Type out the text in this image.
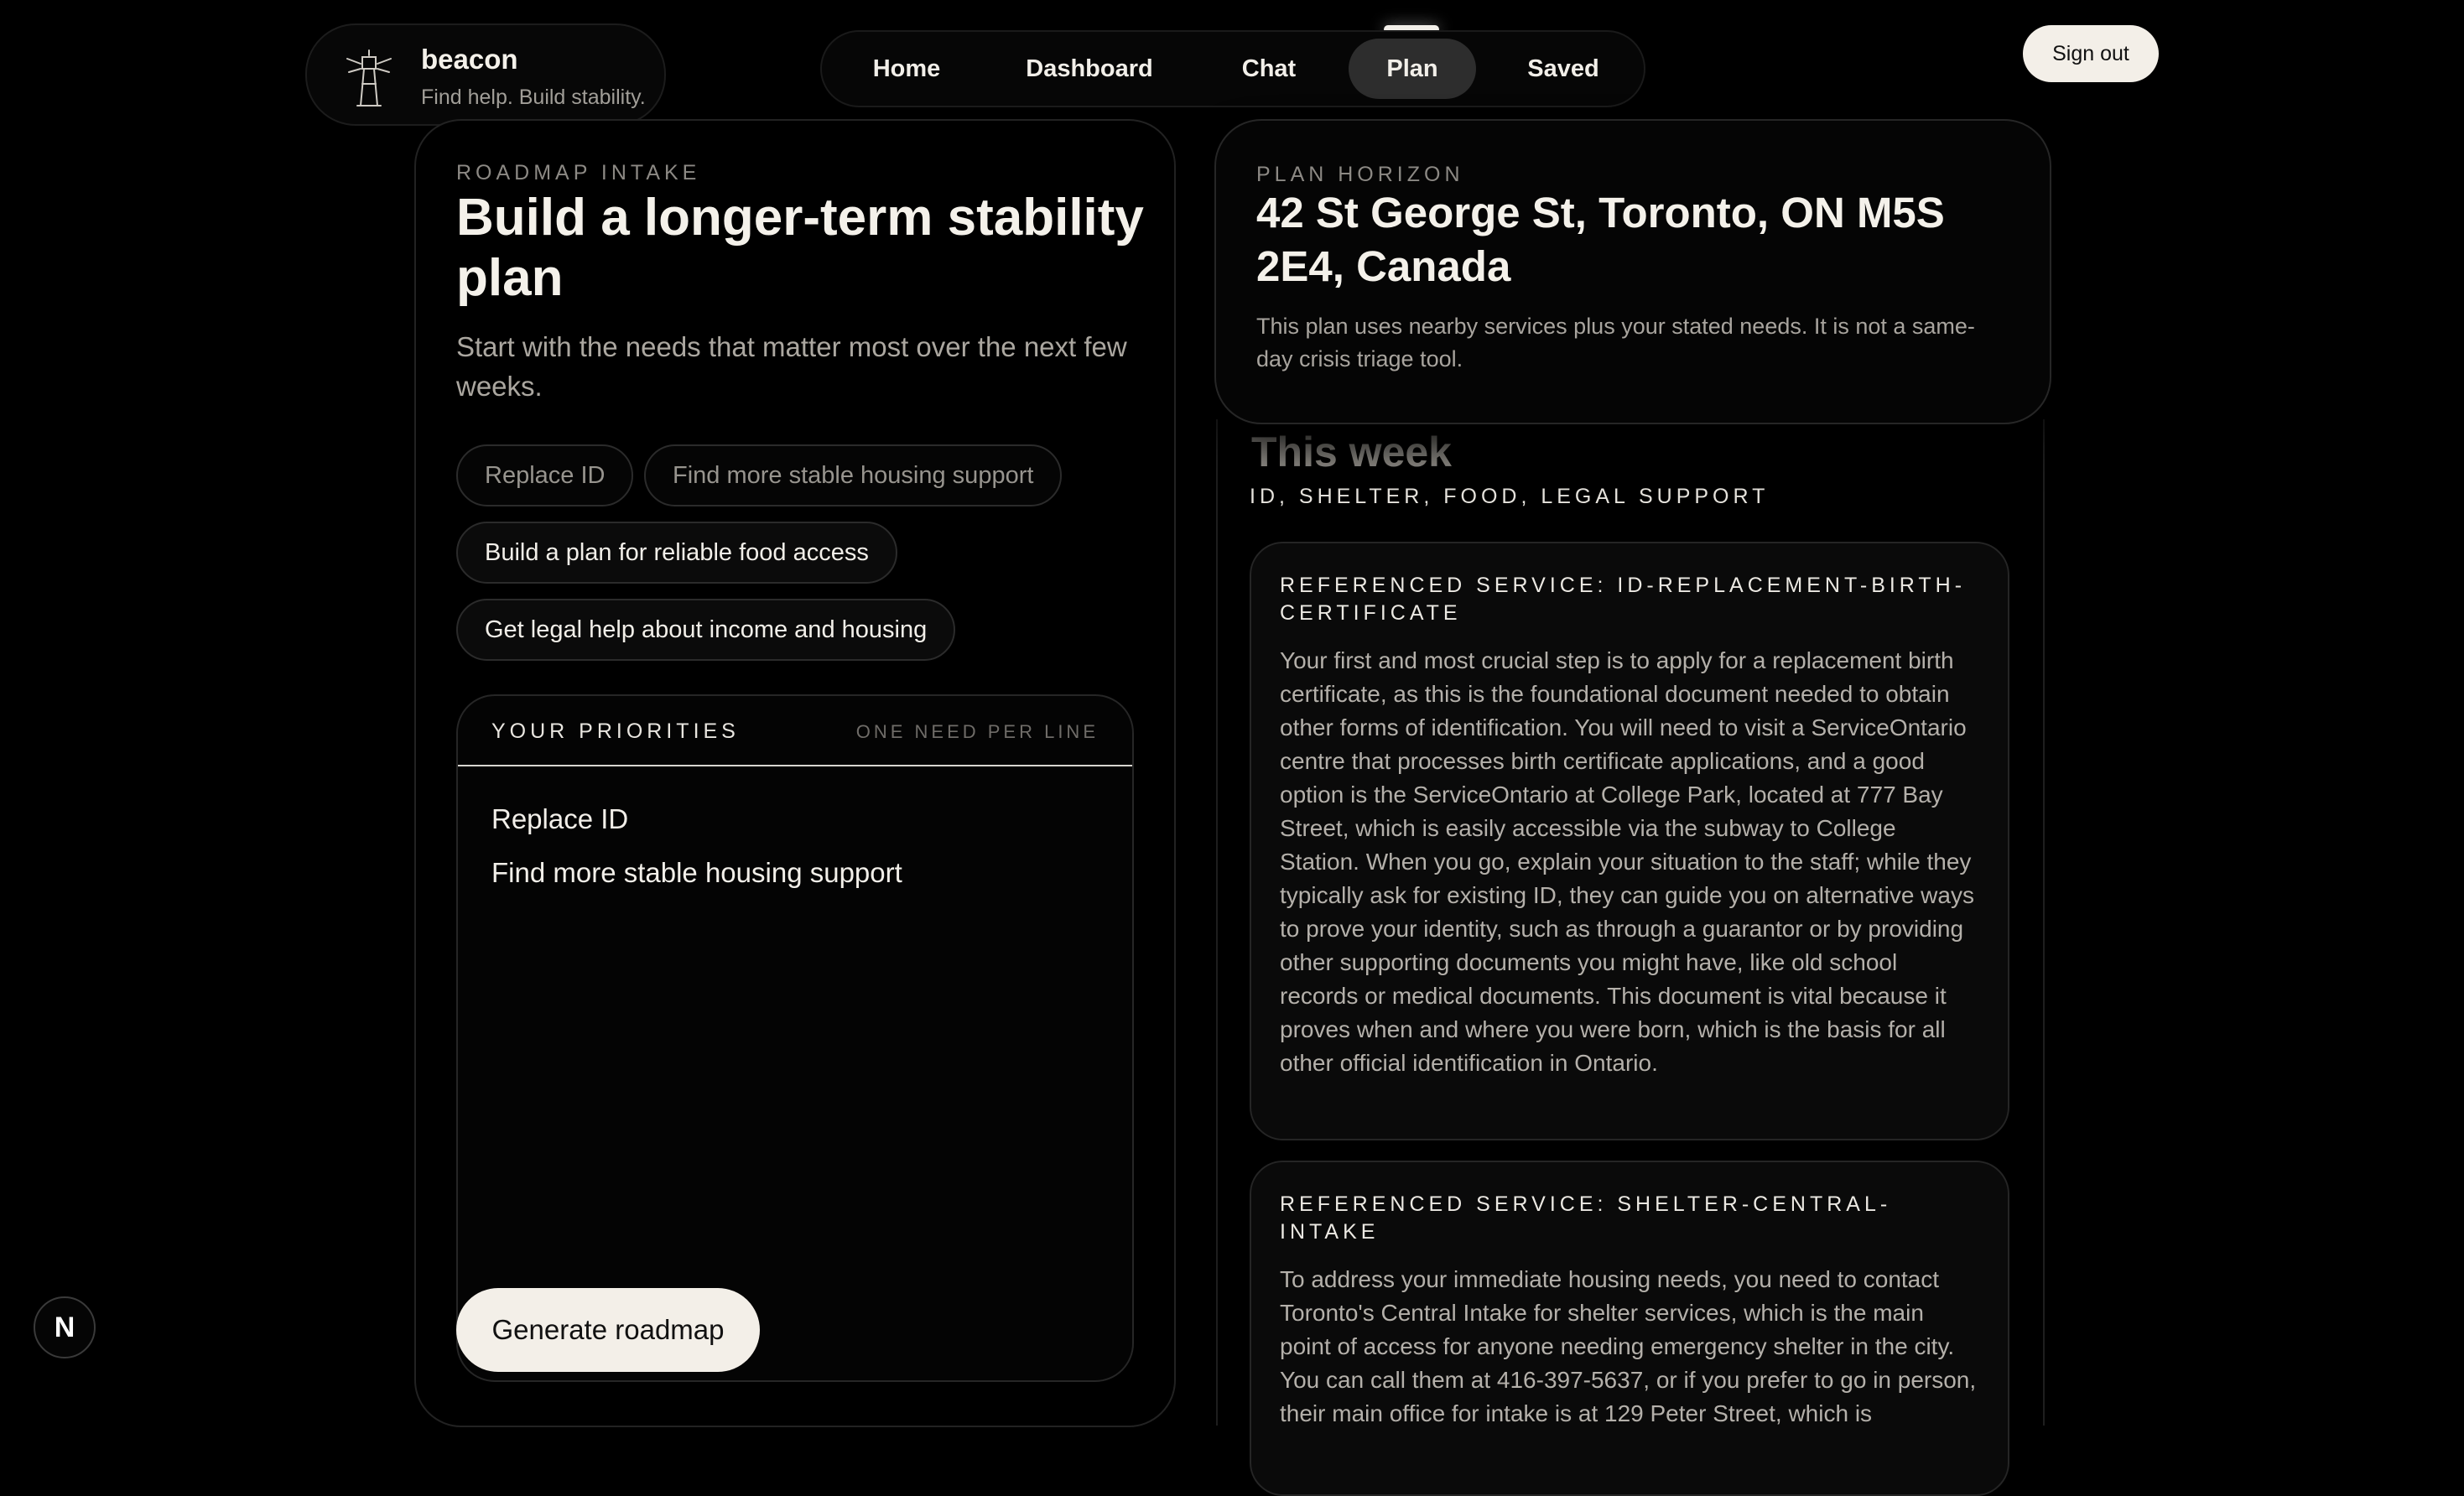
beacon
Find help. Build stability.
Home	Dashboard	Chat	Plan	Saved
Sign out
ROADMAP INTAKE
Build a longer-term stability plan
Start with the needs that matter most over the next few weeks.
Replace ID	Find more stable housing support
Build a plan for reliable food access
Get legal help about income and housing
YOUR PRIORITIES	ONE NEED PER LINE
Replace ID
Find more stable housing support
Generate roadmap
This week
ID, SHELTER, FOOD, LEGAL SUPPORT
REFERENCED SERVICE: ID-REPLACEMENT-BIRTH-CERTIFICATE
Your first and most crucial step is to apply for a replacement birth certificate, as this is the foundational document needed to obtain other forms of identification. You will need to visit a ServiceOntario centre that processes birth certificate applications, and a good option is the ServiceOntario at College Park, located at 777 Bay Street, which is easily accessible via the subway to College Station. When you go, explain your situation to the staff; while they typically ask for existing ID, they can guide you on alternative ways to prove your identity, such as through a guarantor or by providing other supporting documents you might have, like old school records or medical documents. This document is vital because it proves when and where you were born, which is the basis for all other official identification in Ontario.
REFERENCED SERVICE: SHELTER-CENTRAL-INTAKE
To address your immediate housing needs, you need to contact Toronto's Central Intake for shelter services, which is the main point of access for anyone needing emergency shelter in the city. You can call them at 416-397-5637, or if you prefer to go in person, their main office for intake is at 129 Peter Street, which is
PLAN HORIZON
42 St George St, Toronto, ON M5S 2E4, Canada
This plan uses nearby services plus your stated needs. It is not a same-day crisis triage tool.
N
